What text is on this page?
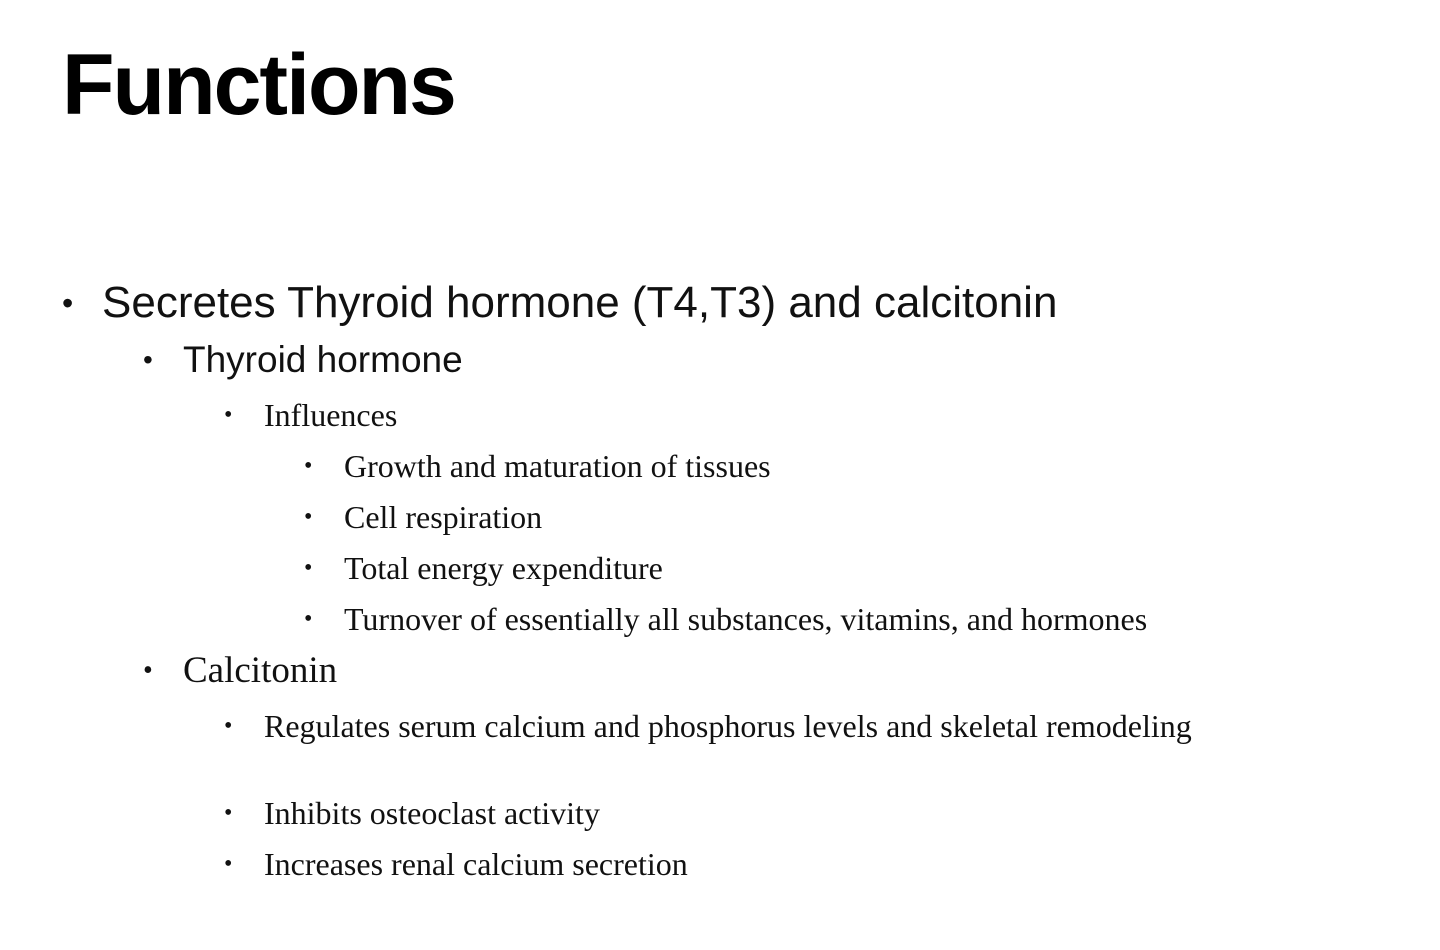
Functions
• Secretes Thyroid hormone (T4,T3) and calcitonin
• Thyroid hormone
• Influences
• Growth and maturation of tissues
• Cell respiration
• Total energy expenditure
• Turnover of essentially all substances, vitamins, and hormones
• Calcitonin
• Regulates serum calcium and phosphorus levels and skeletal remodeling
• Inhibits osteoclast activity
• Increases renal calcium secretion
